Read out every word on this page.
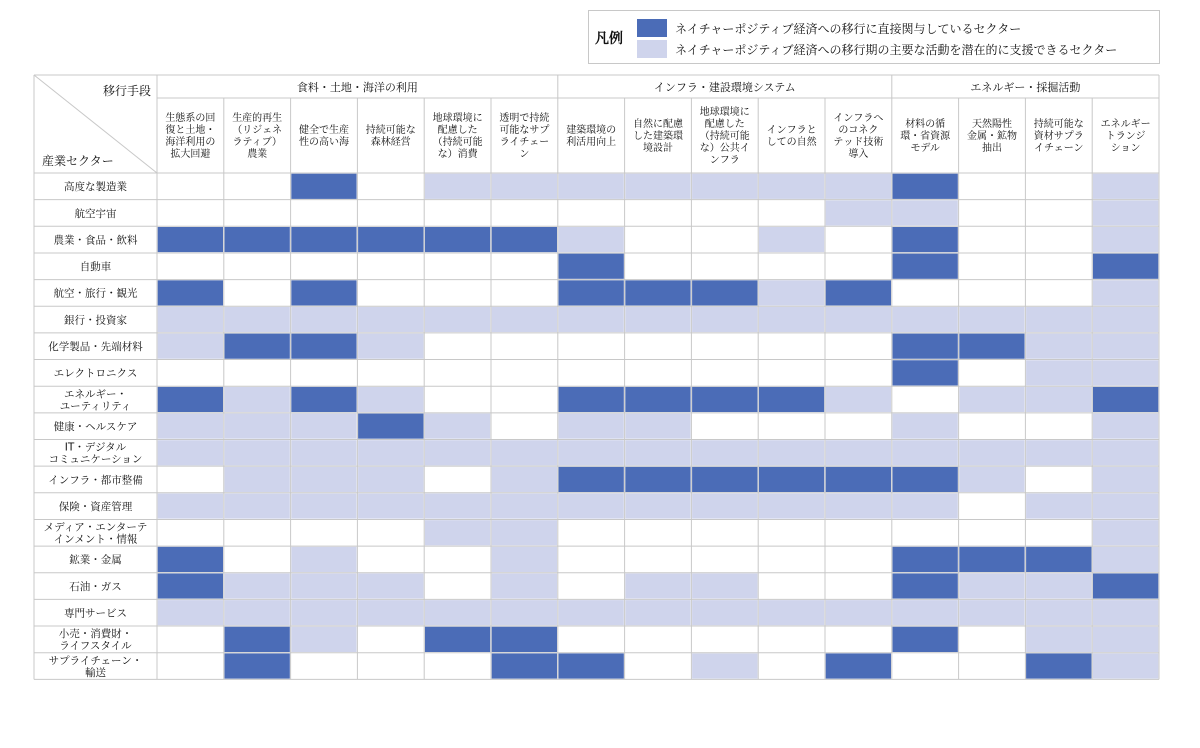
凡例
ネイチャーポジティブ経済への移行に直接関与しているセクター
ネイチャーポジティブ経済への移行期の主要な活動を潜在的に支援できるセクター
移行手段
産業セクター
食料・土地・海洋の利用	インフラ・建設環境システム	エネルギー・採掘活動
生態系の回
復と土地・
海洋利用の
拡大回避
生産的再生
（リジェネ
ラティブ）
農業
健全で生産
性の高い海
持続可能な
森林経営
地球環境に
配慮した
（持続可能
な）消費
透明で持続
可能なサプ
ライチェー
ン
建築環境の
利活用向上
自然に配慮
した建築環
境設計
地球環境に
配慮した
（持続可能
な）公共イ
ンフラ
インフラと
しての自然
インフラへ
のコネク
テッド技術
導入
材料の循
環・省資源
モデル
天然陽性
金属・鉱物
抽出
持続可能な
資材サプラ
イチェーン
エネルギー
トランジ
ション
高度な製造業
航空宇宙
農業・食品・飲料
自動車
航空・旅行・観光
銀行・投資家
化学製品・先端材料
エレクトロニクス
エネルギー・
ユーティリティ
健康・ヘルスケア
IT・デジタル
コミュニケーション
インフラ・都市整備
保険・資産管理
メディア・エンターテ
インメント・情報
鉱業・金属
石油・ガス
専門サービス
小売・消費財・
ライフスタイル
サプライチェーン・
輸送
